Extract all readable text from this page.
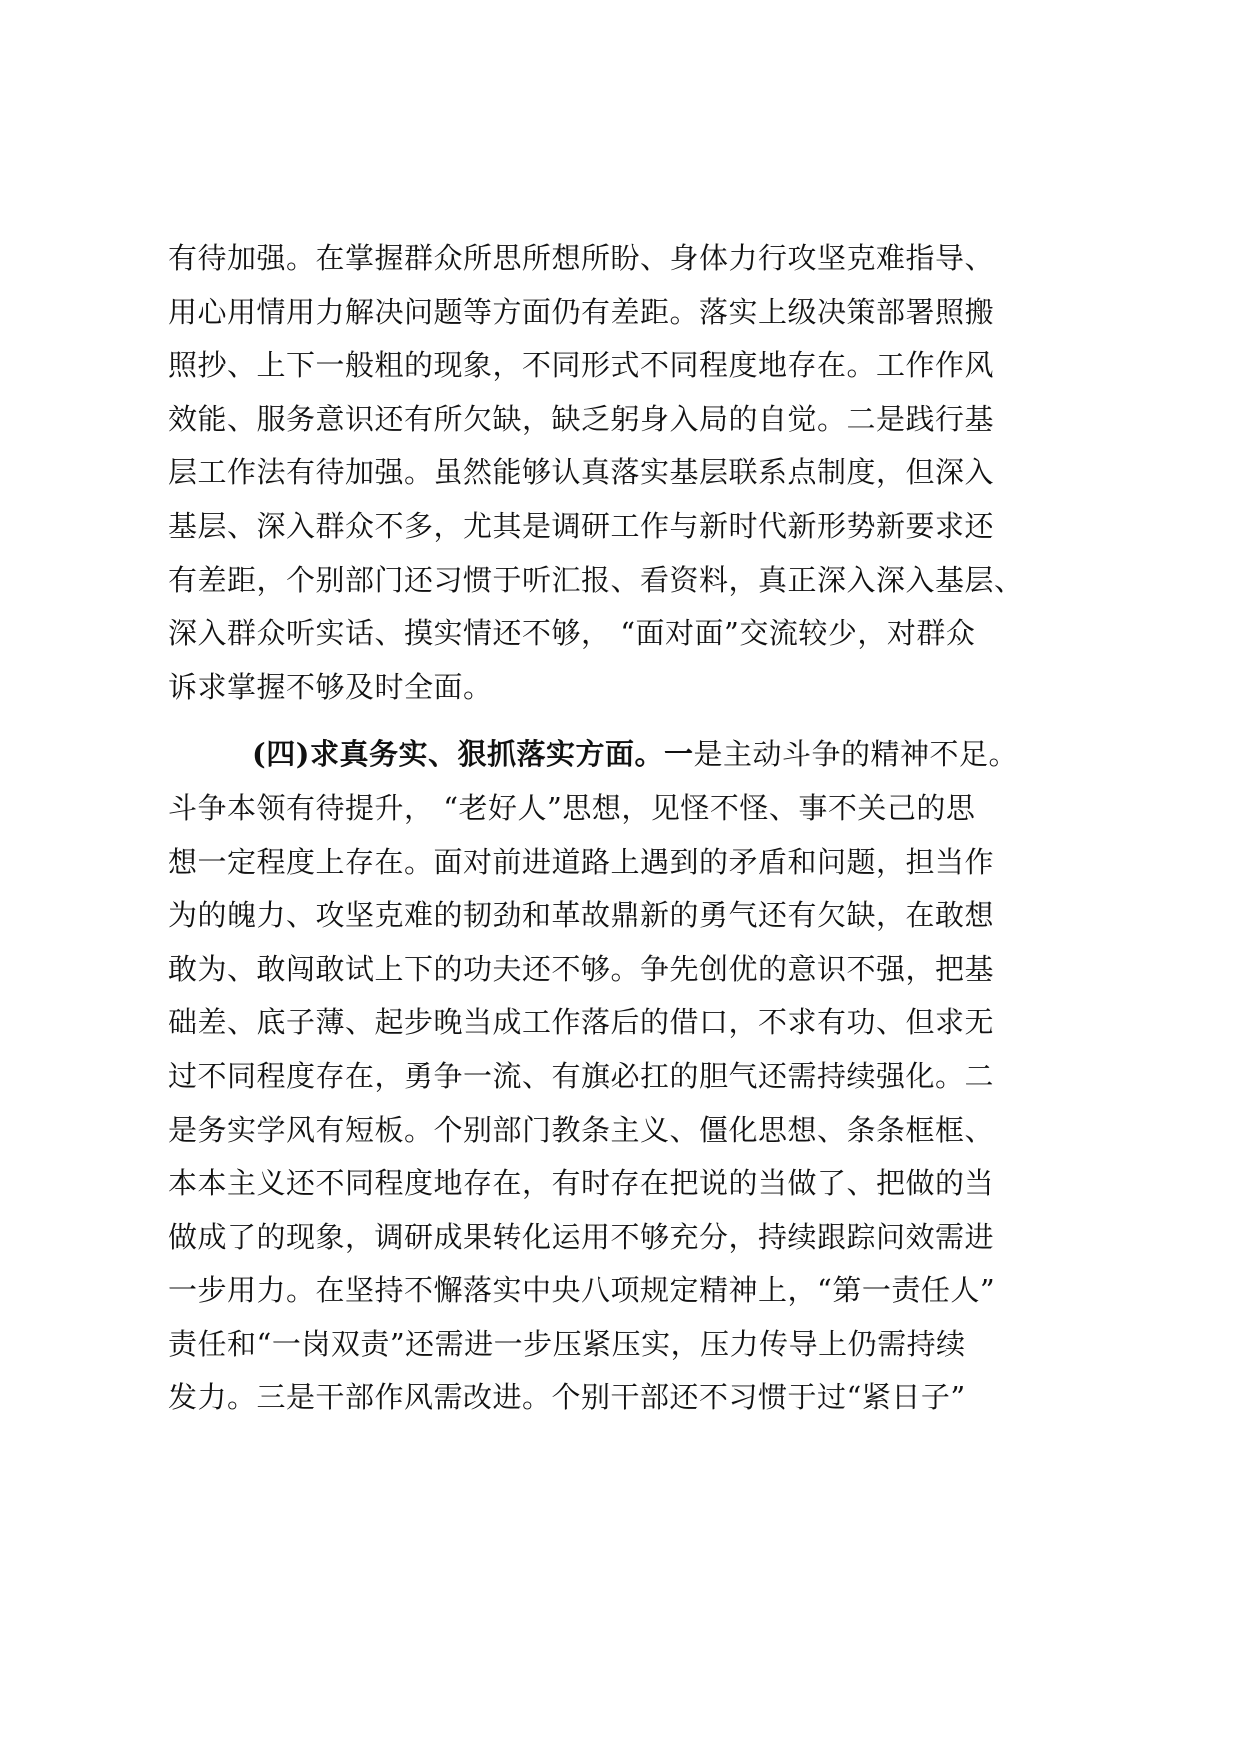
有待加强。在掌握群众所思所想所盼、身体力行攻坚克难指导、
用心用情用力解决问题等方面仍有差距。落实上级决策部署照搬
照抄、上下一般粗的现象，不同形式不同程度地存在。工作作风
效能、服务意识还有所欠缺，缺乏躬身入局的自觉。二是践行基
层工作法有待加强。虽然能够认真落实基层联系点制度，但深入
基层、深入群众不多，尤其是调研工作与新时代新形势新要求还
有差距，个别部门还习惯于听汇报、看资料，真正深入深入基层、
深入群众听实话、摸实情还不够， “面对面”交流较少，对群众
诉求掌握不够及时全面。
(四)求真务实、狠抓落实方面。一是主动斗争的精神不足。
斗争本领有待提升， “老好人”思想，见怪不怪、事不关己的思
想一定程度上存在。面对前进道路上遇到的矛盾和问题，担当作
为的魄力、攻坚克难的韧劲和革故鼎新的勇气还有欠缺，在敢想
敢为、敢闯敢试上下的功夫还不够。争先创优的意识不强，把基
础差、底子薄、起步晚当成工作落后的借口，不求有功、但求无
过不同程度存在，勇争一流、有旗必扛的胆气还需持续强化。二
是务实学风有短板。个别部门教条主义、僵化思想、条条框框、
本本主义还不同程度地存在，有时存在把说的当做了、把做的当
做成了的现象，调研成果转化运用不够充分，持续跟踪问效需进
一步用力。在坚持不懈落实中央八项规定精神上，“第一责任人”
责任和“一岗双责”还需进一步压紧压实，压力传导上仍需持续
发力。三是干部作风需改进。个别干部还不习惯于过“紧日子”
